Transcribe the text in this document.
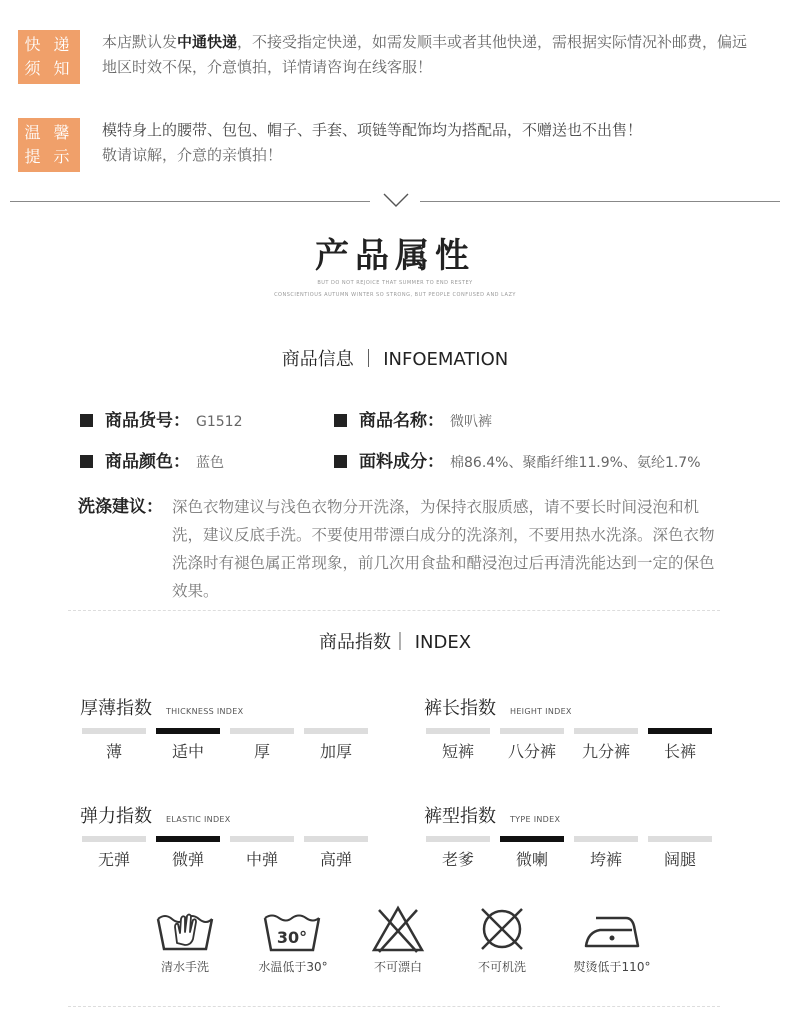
快 递
须 知
本店默认发中通快递，不接受指定快递，如需发顺丰或者其他快递，需根据实际情况补邮费，偏远地区时效不保，介意慎拍，详情请咨询在线客服！
温 馨
提 示
模特身上的腰带、包包、帽子、手套、项链等配饰均为搭配品，不赠送也不出售！
敬请谅解，介意的亲慎拍！
产品属性
BUT DO NOT REJOICE THAT SUMMER TO END RESTEY
CONSCIENTIOUS AUTUMN WINTER SO STRONG, BUT PEOPLE CONFUSED AND LAZY
商品信息 ｜ INFOEMATION
商品货号： G1512	商品名称： 微叭裤
商品颜色： 蓝色	面料成分： 棉86.4%、聚酯纤维11.9%、氨纶1.7%
洗涤建议： 深色衣物建议与浅色衣物分开洗涤，为保持衣服质感，请不要长时间浸泡和机洗，建议反底手洗。不要使用带漂白成分的洗涤剂，不要用热水洗涤。深色衣物洗涤时有褪色属正常现象，前几次用食盐和醋浸泡过后再清洗能达到一定的保色效果。
商品指数｜ INDEX
厚薄指数 THICKNESS INDEX
薄	适中	厚	加厚
裤长指数 HEIGHT INDEX
短裤	八分裤	九分裤	长裤
弹力指数 ELASTIC INDEX
无弹	微弹	中弹	高弹
裤型指数 TYPE INDEX
老爹	微喇	垮裤	阔腿
30°
清水手洗	水温低于30°	不可漂白	不可机洗	熨烫低于110°
